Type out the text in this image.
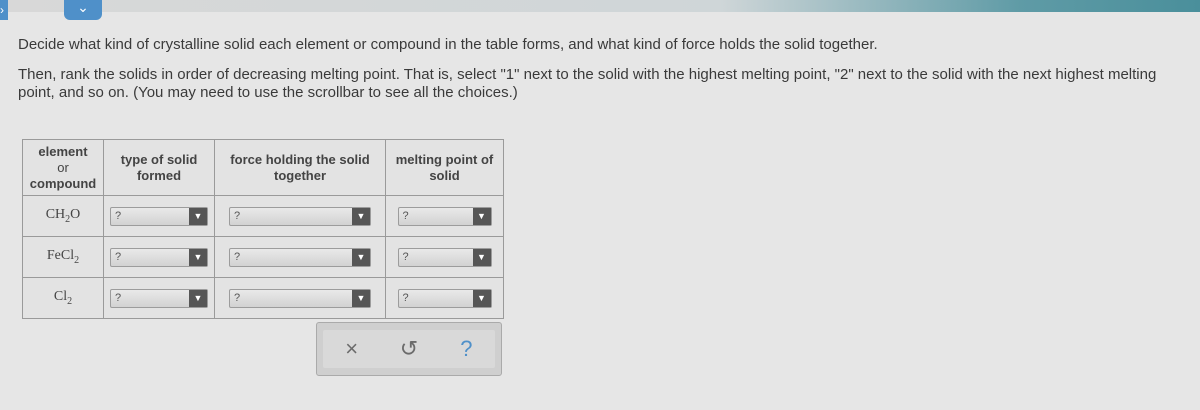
›	⌄

Decide what kind of crystalline solid each element or compound in the table forms, and what kind of force holds the solid together.

Then, rank the solids in order of decreasing melting point. That is, select "1" next to the solid with the highest melting point, "2" next to the solid with the next highest melting point, and so on. (You may need to use the scrollbar to see all the choices.)

element
or
compound	type of solid formed	force holding the solid together	melting point of solid
$CH_2O$	? ▼	? ▼	? ▼

FeCl$_2$	? ▼	? ▼	? ▼

$Cl_2$	? ▼	? ▼	? ▼
×	↺	?
